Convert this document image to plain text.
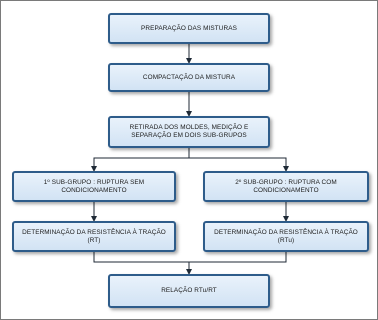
PREPARAÇÃO DAS MISTURAS
COMPACTAÇÃO DA MISTURA
RETIRADA DOS MOLDES, MEDIÇÃO E SEPARAÇÃO EM DOIS SUB-GRUPOS
1º SUB-GRUPO : RUPTURA SEM CONDICIONAMENTO
2º SUB-GRUPO : RUPTURA COM CONDICIONAMENTO
DETERMINAÇÃO DA RESISTÊNCIA À TRAÇÃO (RT)
DETERMINAÇÃO DA RESISTÊNCIA À TRAÇÃO (RTu)
RELAÇÃO RTu/RT
